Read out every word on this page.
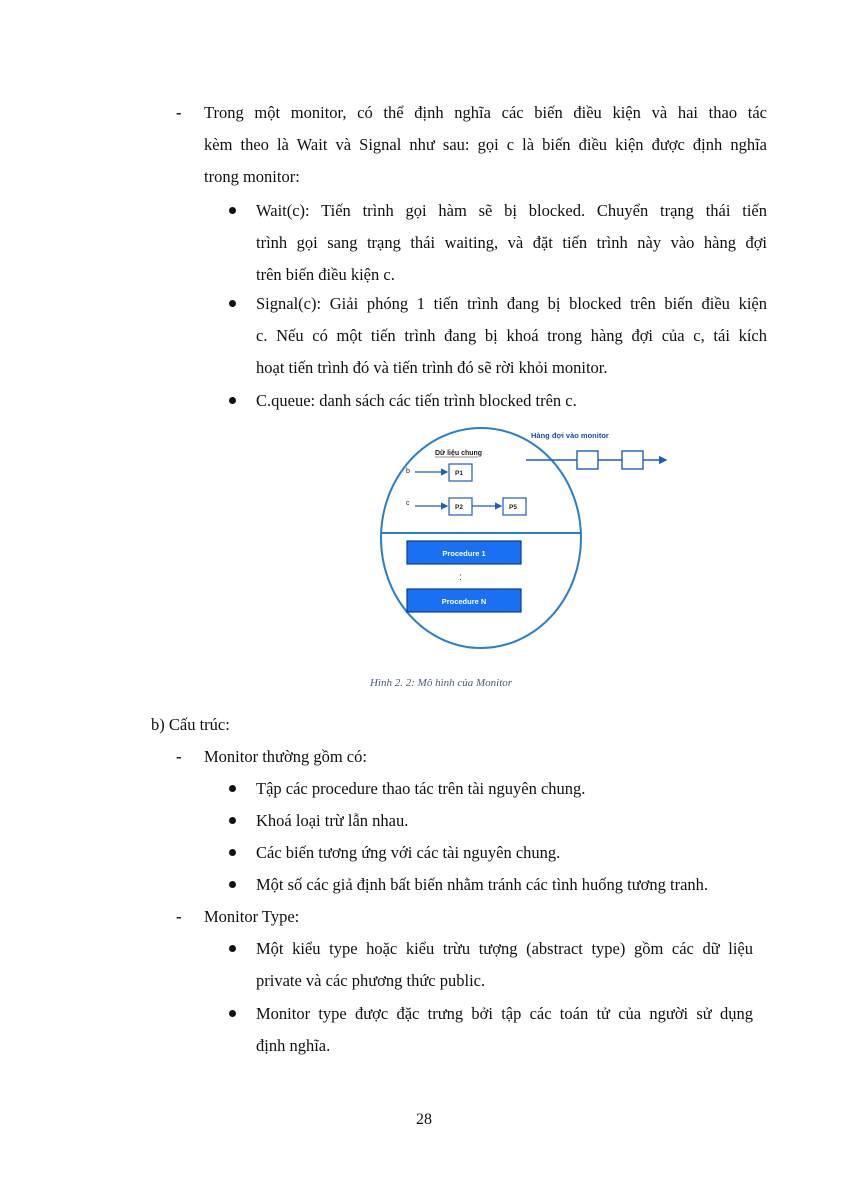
- Trong một monitor, có thể định nghĩa các biến điều kiện và hai thao tác
kèm theo là Wait và Signal như sau: gọi c là biến điều kiện được định nghĩa
trong monitor:
Wait(c): Tiến trình gọi hàm sẽ bị blocked. Chuyển trạng thái tiến
trình gọi sang trạng thái waiting, và đặt tiến trình này vào hàng đợi
trên biến điều kiện c.
Signal(c): Giải phóng 1 tiến trình đang bị blocked trên biến điều kiện
c. Nếu có một tiến trình đang bị khoá trong hàng đợi của c, tái kích
hoạt tiến trình đó và tiến trình đó sẽ rời khỏi monitor.
C.queue: danh sách các tiến trình blocked trên c.
Hàng đợi vào monitor
Dữ liệu chung
b	P1
c
P2	P5
Procedure 1
:
Procedure N
Hình 2. 2: Mô hình của Monitor
b) Cấu trúc:
- Monitor thường gồm có:
Tập các procedure thao tác trên tài nguyên chung.
Khoá loại trừ lẫn nhau.
Các biến tương ứng với các tài nguyên chung.
Một số các giả định bất biến nhằm tránh các tình huống tương tranh.
- Monitor Type:
Một kiểu type hoặc kiểu trừu tượng (abstract type) gồm các dữ liệu
private và các phương thức public.
Monitor type được đặc trưng bởi tập các toán tử của người sử dụng
định nghĩa.
28
